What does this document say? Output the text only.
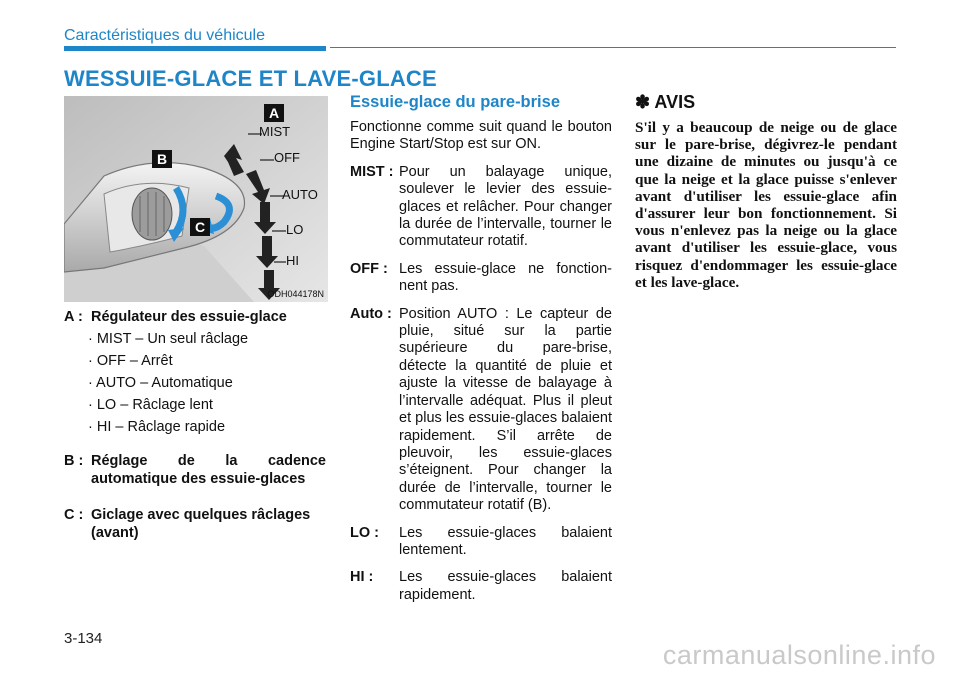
Caractéristiques du véhicule
WESSUIE-GLACE ET LAVE-GLACE
A
B
C
MIST
OFF
AUTO
LO
HI
ODH044178N
A : Régulateur des essuie-glace
· MIST – Un seul râclage
· OFF – Arrêt
· AUTO – Automatique
· LO – Râclage lent
· HI – Râclage rapide
B : Réglage de la cadence automatique des essuie-glaces
C : Giclage avec quelques râclages (avant)
Essuie-glace du pare-brise

Fonctionne comme suit quand le bouton Engine Start/Stop est sur ON.

MIST : Pour un balayage unique, soulever le levier des essuie-glaces et relâcher. Pour changer la durée de l’intervalle, tourner le commutateur rotatif.
OFF : Les essuie-glace ne fonction-nent pas.
Auto : Position AUTO : Le capteur de pluie, situé sur la partie supérieure du pare-brise, détecte la quantité de pluie et ajuste la vitesse de balayage à l’intervalle adéquat. Plus il pleut et plus les essuie-glaces balaient rapidement. S’il arrête de pleuvoir, les essuie-glaces s’éteignent. Pour changer la durée de l’intervalle, tourner le commutateur rotatif (B).
LO :	Les essuie-glaces balaient lentement.
HI :	Les essuie-glaces balaient rapidement.
✽ AVIS
S'il y a beaucoup de neige ou de glace sur le pare-brise, dégivrez-le pendant une dizaine de minutes ou jusqu'à ce que la neige et la glace puisse s'enlever avant d'utiliser les essuie-glace afin d'assurer leur bon fonctionnement. Si vous n'enlevez pas la neige ou la glace avant d'utiliser les essuie-glace, vous risquez d'endommager les essuie-glace et les lave-glace.
3-134
carmanualsonline.info
